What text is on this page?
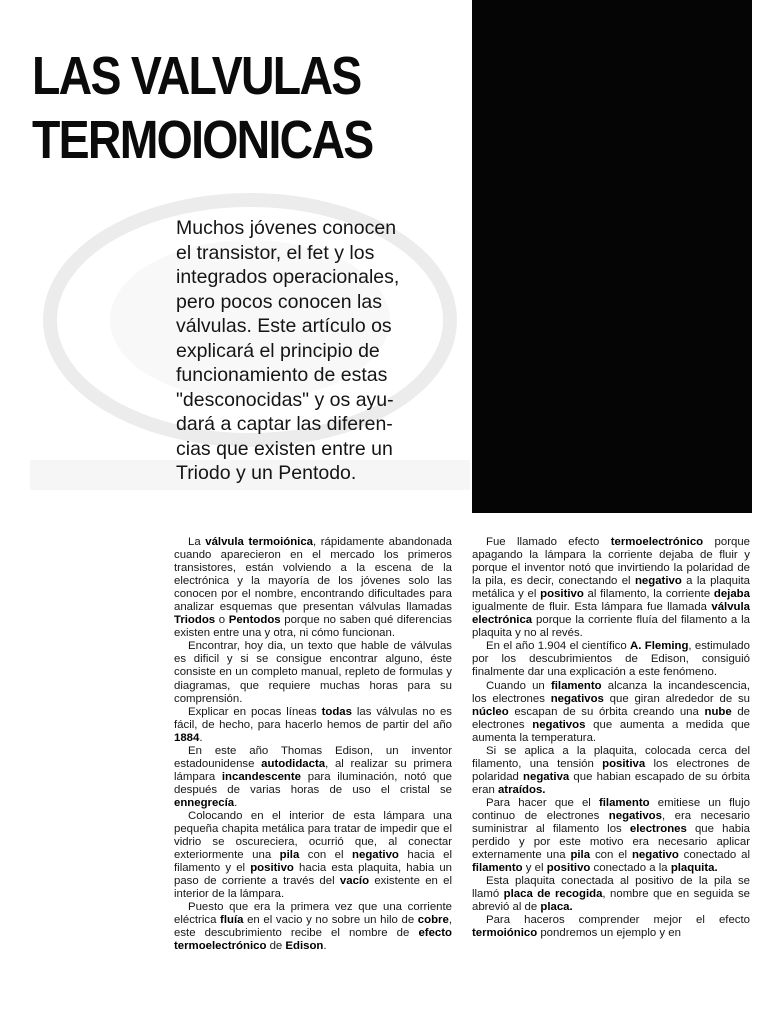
LAS VALVULAS
TERMOIONICAS
Muchos jóvenes conocen
el transistor, el fet y los
integrados operacionales,
pero pocos conocen las
válvulas. Este artículo os
explicará el principio de
funcionamiento de estas
"desconocidas" y os ayu-
dará a captar las diferen-
cias que existen entre un
Triodo y un Pentodo.

La válvula termoiónica, rápidamente abandonada cuando aparecieron en el mercado los primeros transistores, están volviendo a la escena de la electrónica y la mayoría de los jóvenes solo las conocen por el nombre, encontrando dificultades para analizar esquemas que presentan válvulas llamadas Triodos o Pentodos porque no saben qué diferencias existen entre una y otra, ni cómo funcionan.

Encontrar, hoy dia, un texto que hable de válvulas es dificil y si se consigue encontrar alguno, éste consiste en un completo manual, repleto de formulas y diagramas, que requiere muchas horas para su comprensión.

Explicar en pocas líneas todas las válvulas no es fácil, de hecho, para hacerlo hemos de partir del año 1884.

En este año Thomas Edison, un inventor estadounidense autodidacta, al realizar su primera lámpara incandescente para iluminación, notó que después de varias horas de uso el cristal se ennegrecía.

Colocando en el interior de esta lámpara una pequeña chapita metálica para tratar de impedir que el vidrio se oscureciera, ocurrió que, al conectar exteriormente una pila con el negativo hacia el filamento y el positivo hacia esta plaquita, habia un paso de corriente a través del vacío existente en el interior de la lámpara.

Puesto que era la primera vez que una corriente eléctrica fluía en el vacio y no sobre un hilo de cobre, este descubrimiento recibe el nombre de efecto termoelectrónico de Edison.

Fue llamado efecto termoelectrónico porque apagando la lámpara la corriente dejaba de fluir y porque el inventor notó que invirtiendo la polaridad de la pila, es decir, conectando el negativo a la plaquita metálica y el positivo al filamento, la corriente dejaba igualmente de fluir. Esta lámpara fue llamada válvula electrónica porque la corriente fluía del filamento a la plaquita y no al revés.

En el año 1.904 el científico A. Fleming, estimulado por los descubrimientos de Edison, consiguió finalmente dar una explicación a este fenómeno.

Cuando un filamento alcanza la incandescencia, los electrones negativos que giran alrededor de su núcleo escapan de su órbita creando una nube de electrones negativos que aumenta a medida que aumenta la temperatura.

Si se aplica a la plaquita, colocada cerca del filamento, una tensión positiva los electrones de polaridad negativa que habian escapado de su órbita eran atraídos.

Para hacer que el filamento emitiese un flujo continuo de electrones negativos, era necesario suministrar al filamento los electrones que habia perdido y por este motivo era necesario aplicar externamente una pila con el negativo conectado al filamento y el positivo conectado a la plaquita.

Esta plaquita conectada al positivo de la pila se llamó placa de recogida, nombre que en seguida se abrevió al de placa.

Para haceros comprender mejor el efecto termoiónico pondremos un ejemplo y en
